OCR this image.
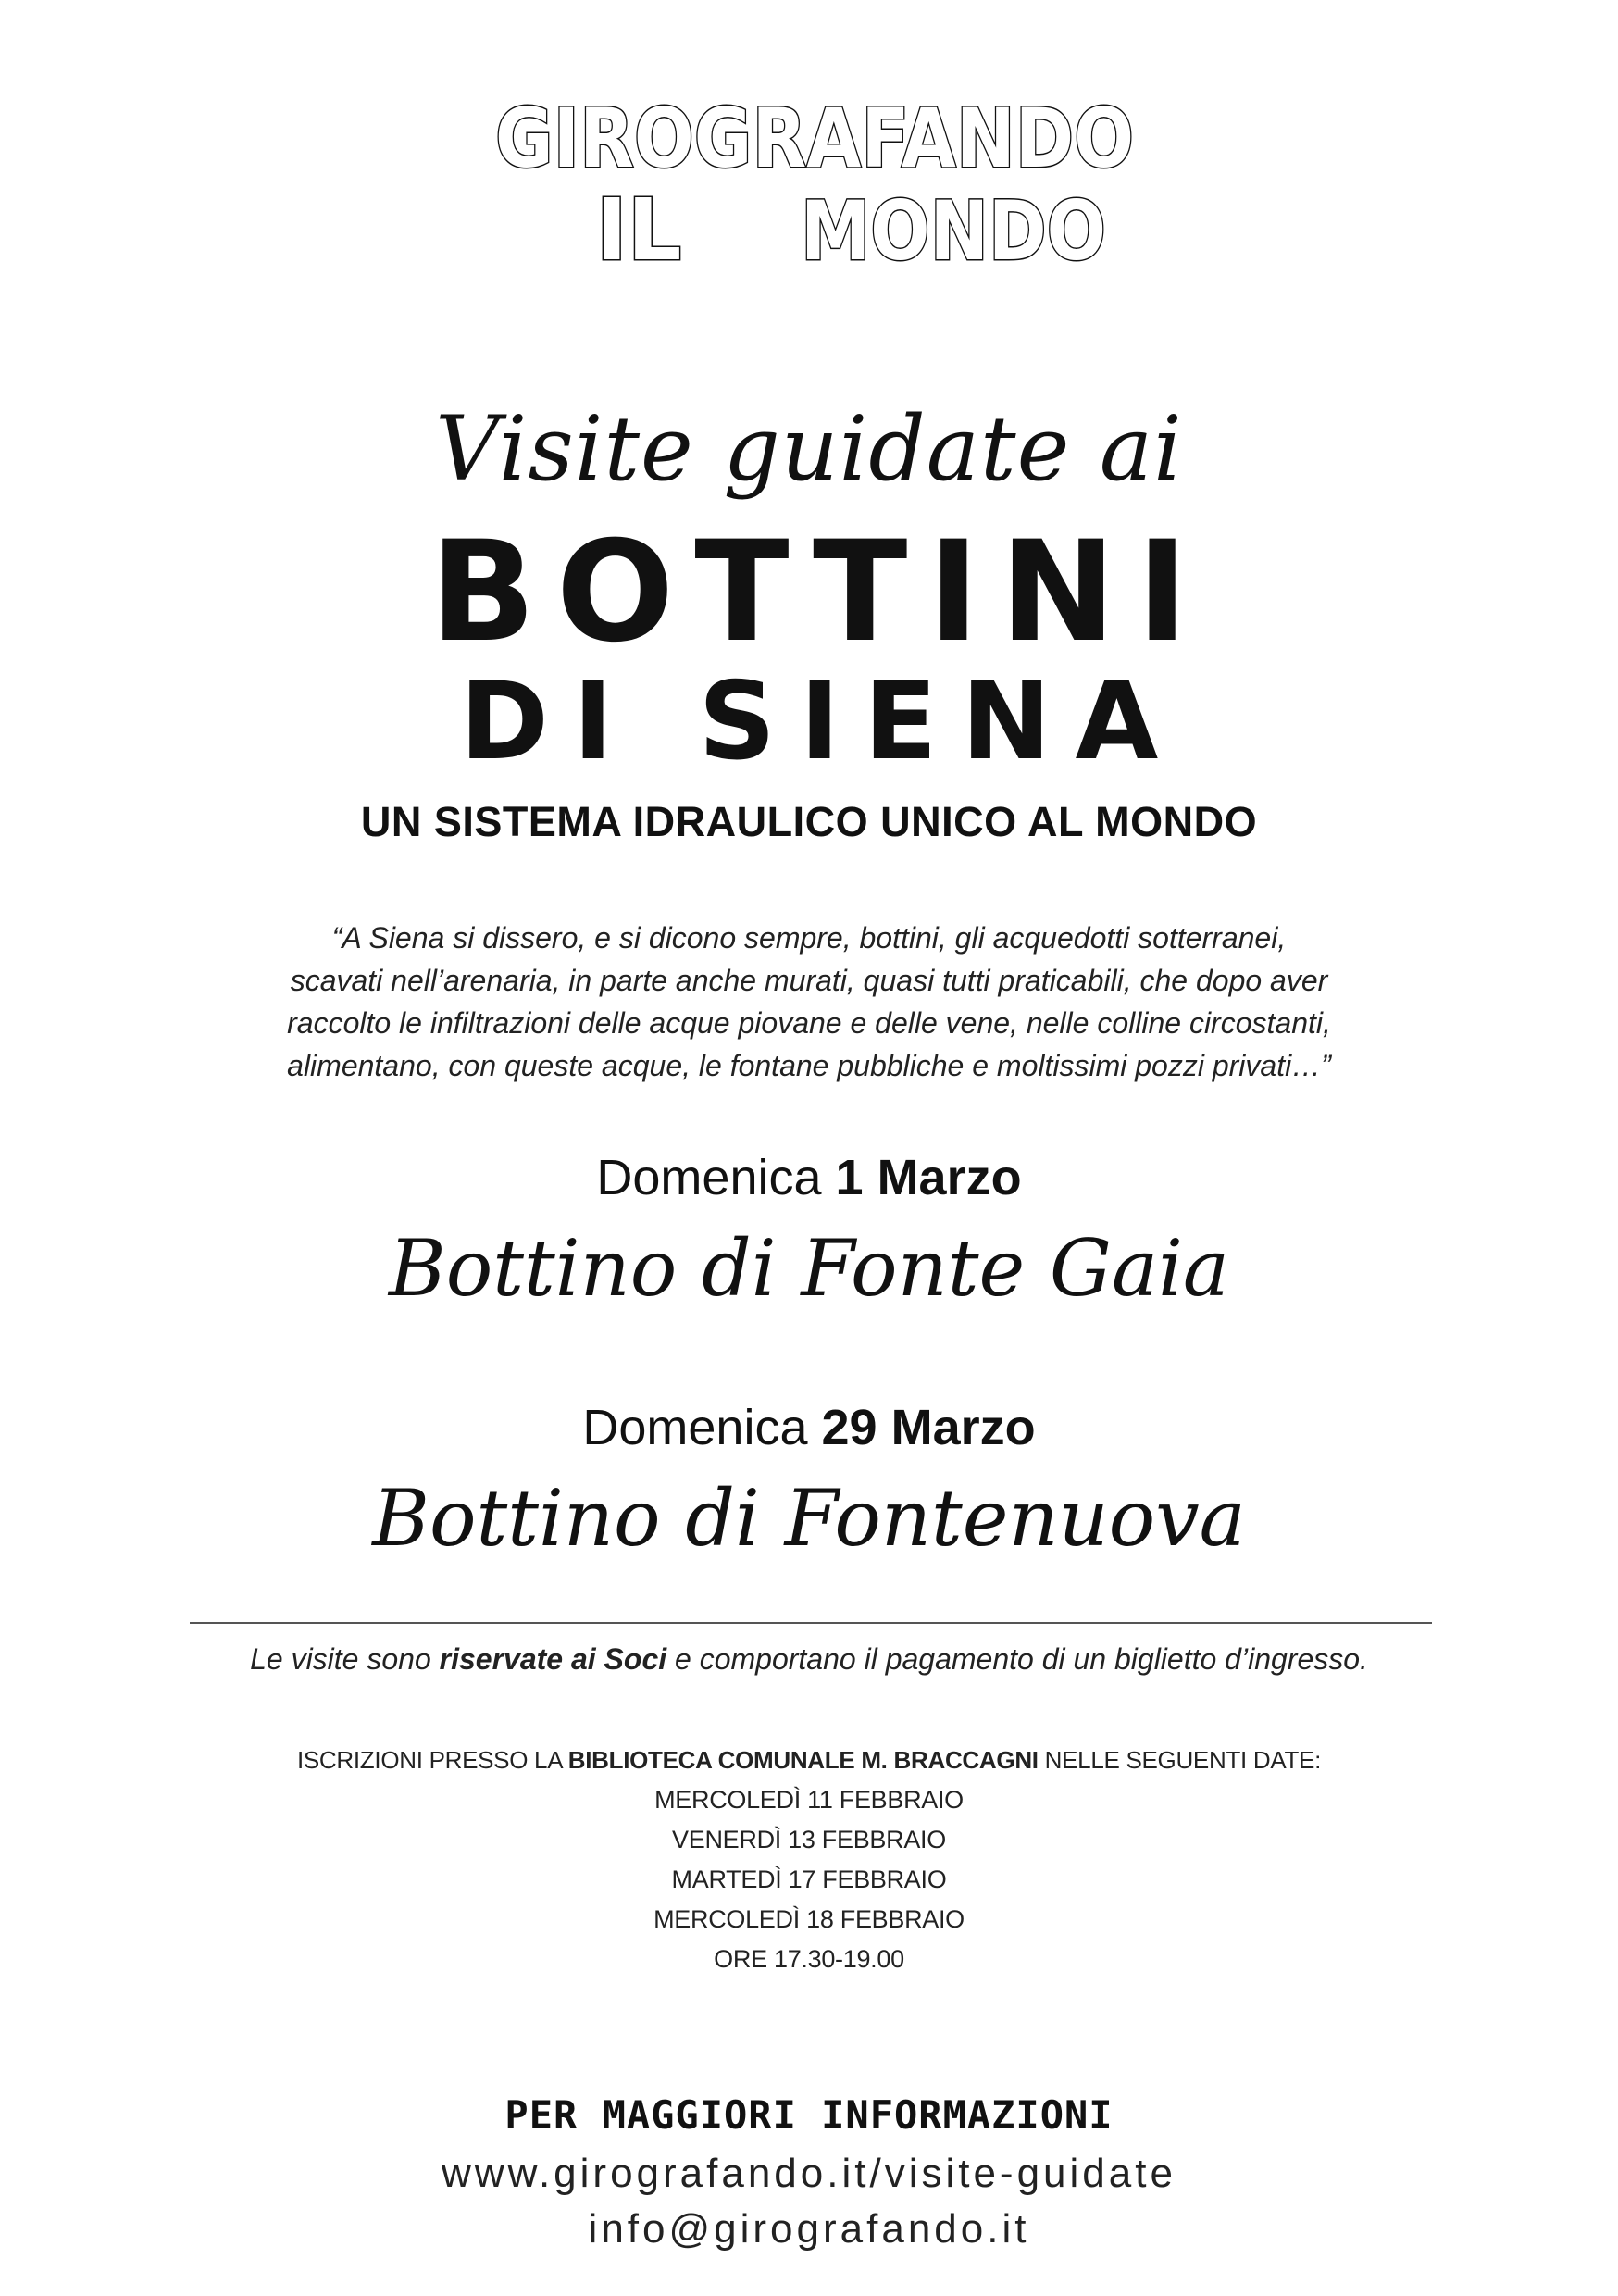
GIROGRAFANDO
IL MONDO
Visite guidate ai
BOTTINI
DI SIENA
UN SISTEMA IDRAULICO UNICO AL MONDO

“A Siena si dissero, e si dicono sempre, bottini, gli acquedotti sotterranei,

scavati nell’arenaria, in parte anche murati, quasi tutti praticabili, che dopo aver

raccolto le infiltrazioni delle acque piovane e delle vene, nelle colline circostanti,

alimentano, con queste acque, le fontane pubbliche e moltissimi pozzi privati…”

Domenica 1 Marzo
Bottino di Fonte Gaia
Domenica 29 Marzo
Bottino di Fontenuova
Le visite sono riservate ai Soci e comportano il pagamento di un biglietto d’ingresso.
ISCRIZIONI PRESSO LA BIBLIOTECA COMUNALE M. BRACCAGNI NELLE SEGUENTI DATE:
MERCOLEDÌ 11 FEBBRAIO
VENERDÌ 13 FEBBRAIO
MARTEDÌ 17 FEBBRAIO
MERCOLEDÌ 18 FEBBRAIO
ORE 17.30-19.00
PER MAGGIORI INFORMAZIONI
www.girografando.it/visite-guidate
info@girografando.it
